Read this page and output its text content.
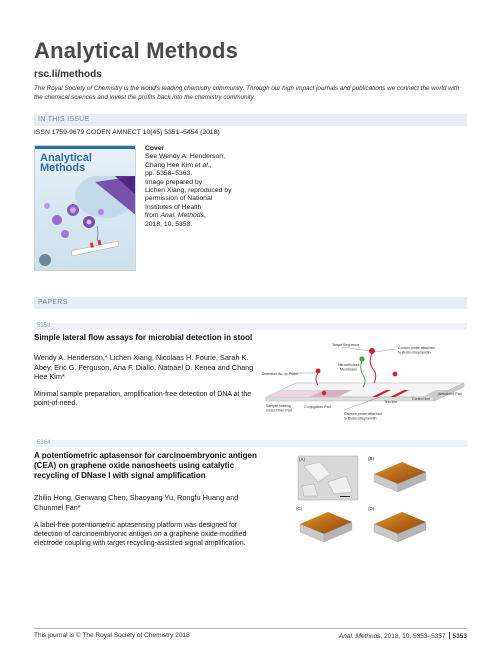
Analytical Methods
rsc.li/methods
The Royal Society of Chemistry is the world's leading chemistry community. Through our high impact journals and publications we connect the world with the chemical sciences and invest the profits back into the chemistry community.
IN THIS ISSUE
ISSN 1759-9679 CODEN AMNECT 10(45) 5351–5454 (2018)
Analytical
Methods
Cover
See Wendy A. Henderson,
Chang Hee Kim et al.,
pp. 5358–5363.
Image prepared by
Lichen Xiang, reproduced by
permission of National
Institutes of Health
from Anal. Methods,
2018, 10, 5358.
PAPERS
5358
Simple lateral flow assays for microbial detection in stool
Wendy A. Henderson,* Lichen Xiang, Nicolaas H. Fourie, Sarah K. Abey, Eric G. Ferguson, Ana F. Diallo, Natnael D. Kenea and Chang Hee Kim*
Minimal sample preparation, amplification-free detection of DNA at the point-of-need.
Target Sequence
Control probe attached
to Biotin-streptavidin
Nitrocellulose
Membrane
Detection Au-np Probe
Test line
Control line
Absorbent Pad
Sample loading
Glass Fiber Pad
Conjugation Pad
Capture probe attached
to Biotin-streptavidin
5364
A potentiometric aptasensor for carcinoembryonic antigen (CEA) on graphene oxide nanosheets using catalytic recycling of DNase I with signal amplification
Zhilin Hong, Genwang Chen, Shaoyang Yu, Rongfu Huang and Chunmei Fan*
A label-free potentiometric aptasensing platform was designed for detection of carcinoembryonic antigen on a graphene oxide-modified electrode coupling with target recycling-assisted signal amplification.
(A)	(B)
(C)	(D)
This journal is © The Royal Society of Chemistry 2018	Anal. Methods, 2018, 10, 5353–5357 5353
